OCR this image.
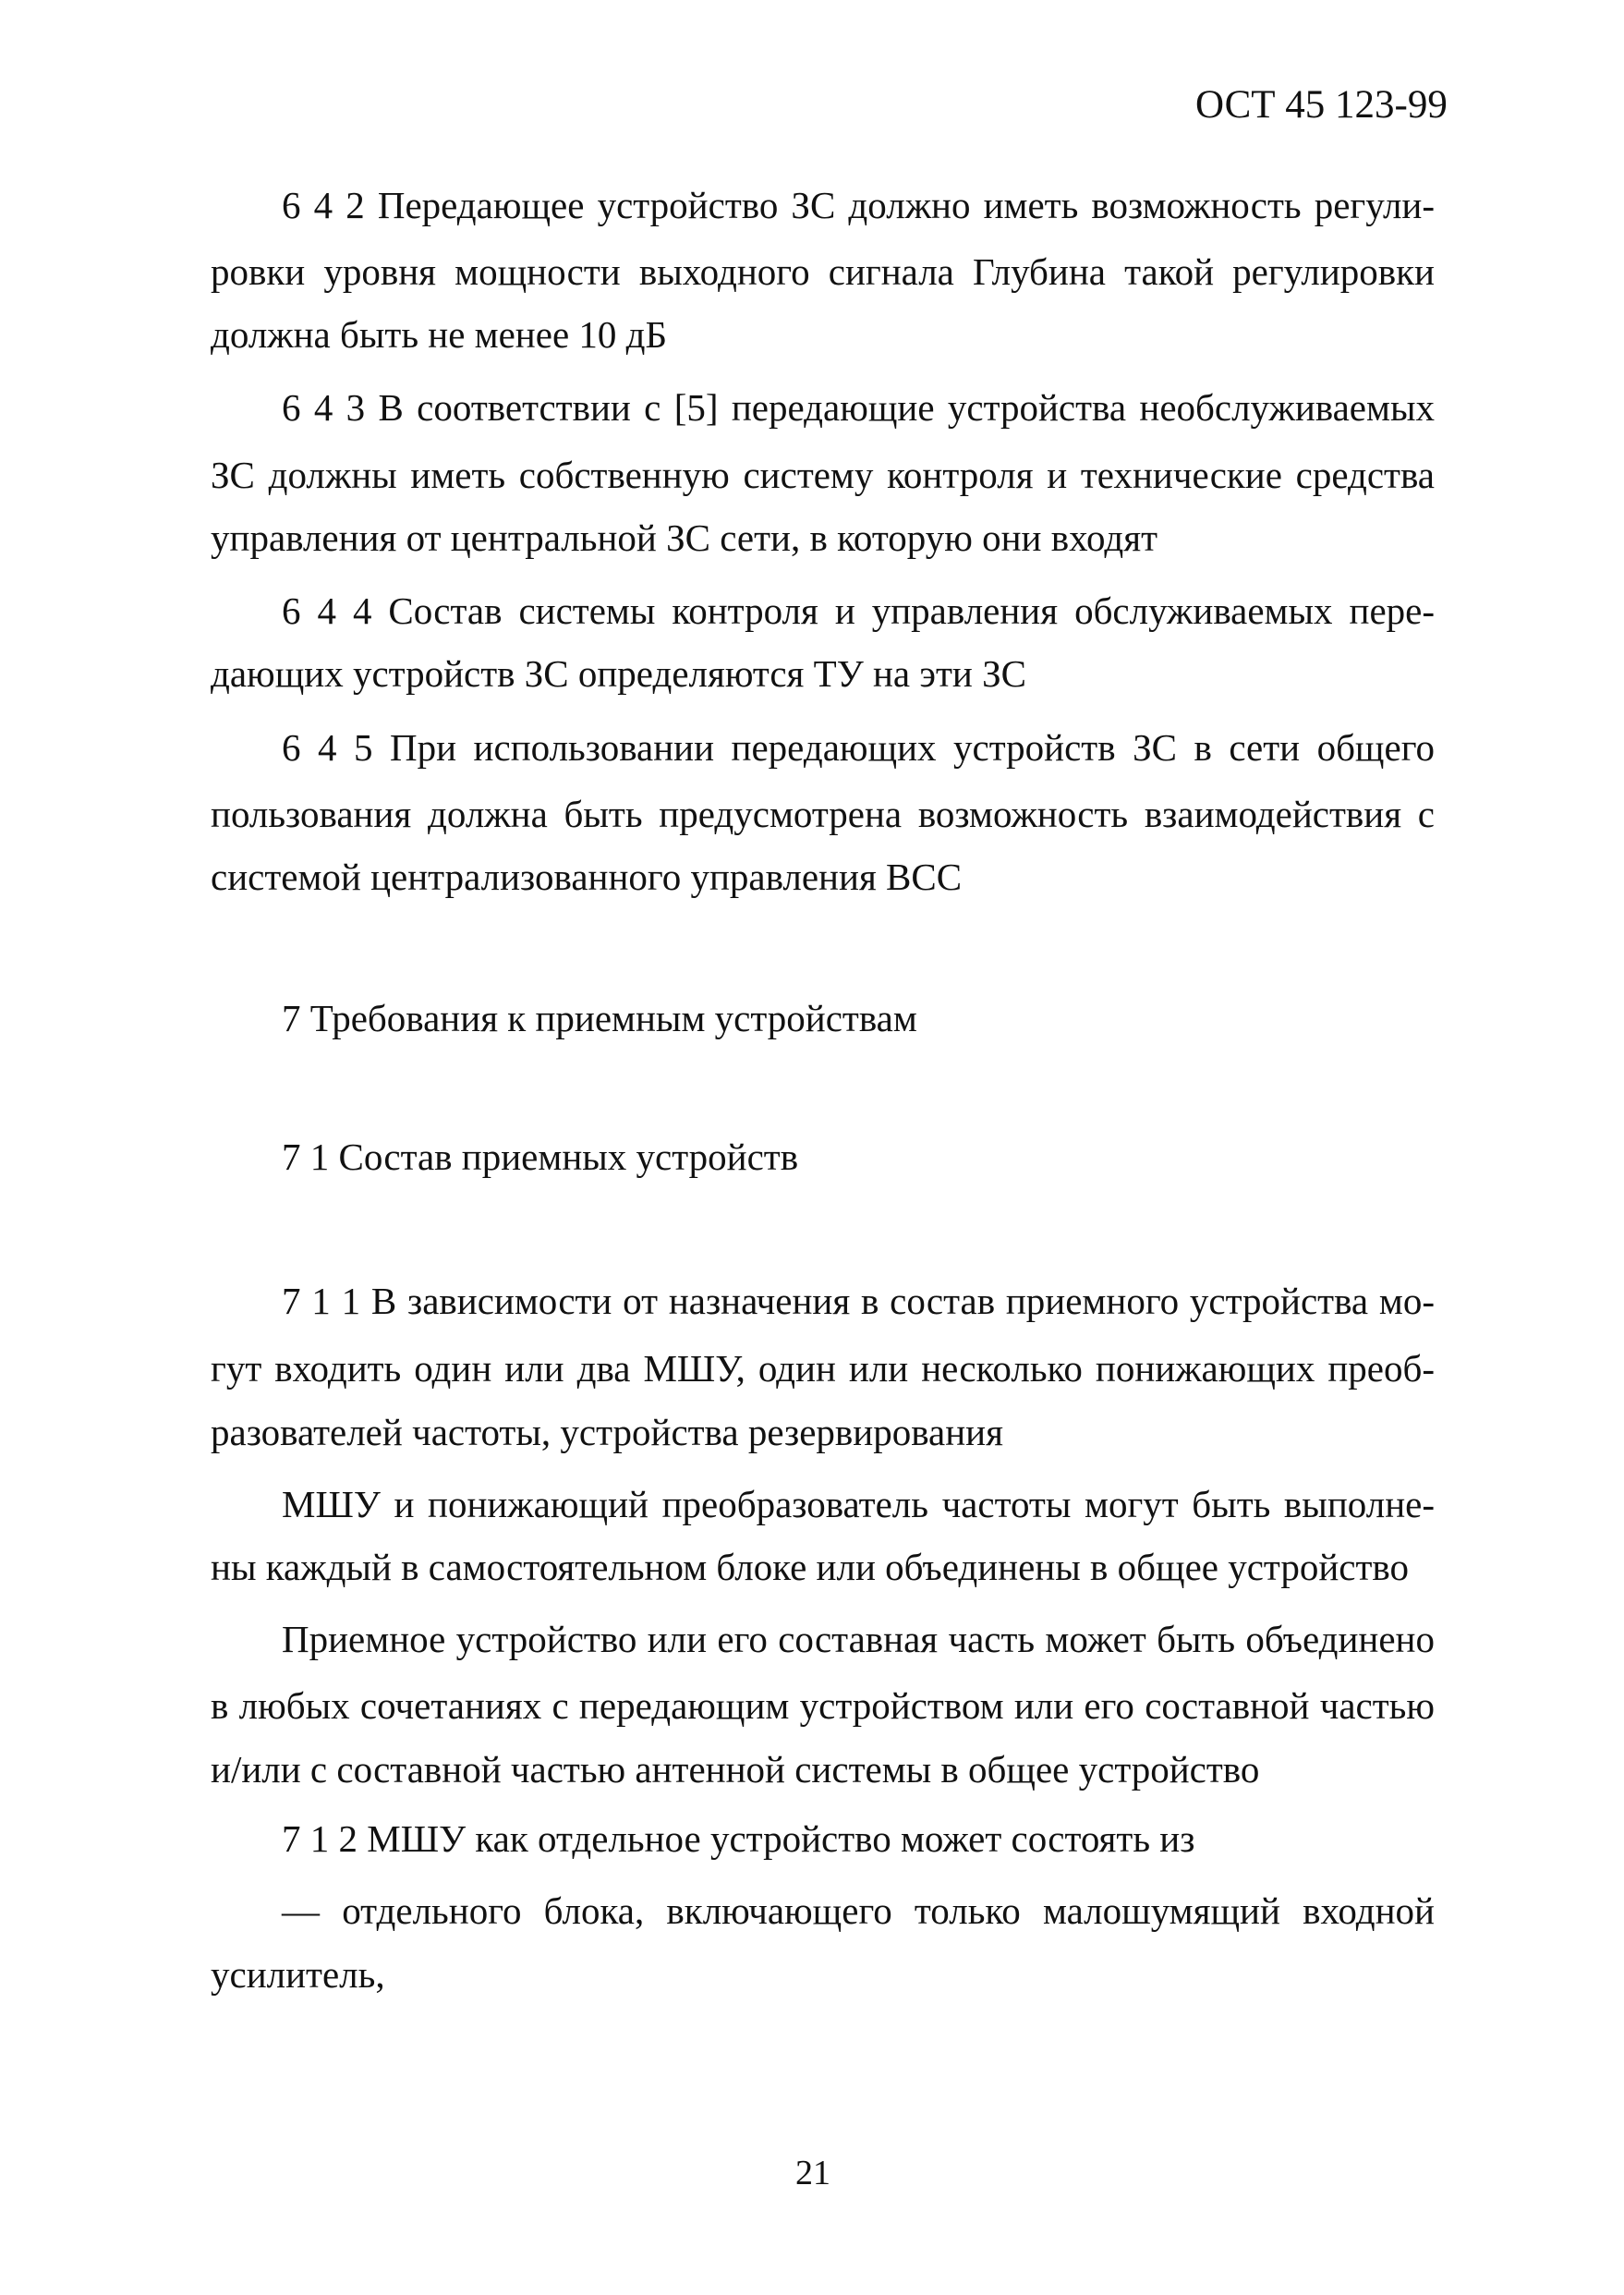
ОСТ 45 123-99
6 4 2 Передающее устройство ЗС должно иметь возможность регули-
ровки уровня мощности выходного сигнала Глубина такой регулировки
должна быть не менее 10 дБ
6 4 3 В соответствии с [5] передающие устройства необслуживаемых
ЗС должны иметь собственную систему контроля и технические средства
управления от центральной ЗС сети, в которую они входят
6 4 4 Состав системы контроля и управления обслуживаемых пере-
дающих устройств ЗС определяются ТУ на эти ЗС
6 4 5 При использовании передающих устройств ЗС в сети общего
пользования должна быть предусмотрена возможность взаимодействия с
системой централизованного управления ВСС
7 Требования к приемным устройствам
7 1 Состав приемных устройств
7 1 1 В зависимости от назначения в состав приемного устройства мо-
гут входить один или два МШУ, один или несколько понижающих преоб-
разователей частоты, устройства резервирования
МШУ и понижающий преобразователь частоты могут быть выполне-
ны каждый в самостоятельном блоке или объединены в общее устройство
Приемное устройство или его составная часть может быть объединено
в любых сочетаниях с передающим устройством или его составной частью
и/или с составной частью антенной системы в общее устройство
7 1 2 МШУ как отдельное устройство может состоять из
— отдельного блока, включающего только малошумящий входной
усилитель,
21
